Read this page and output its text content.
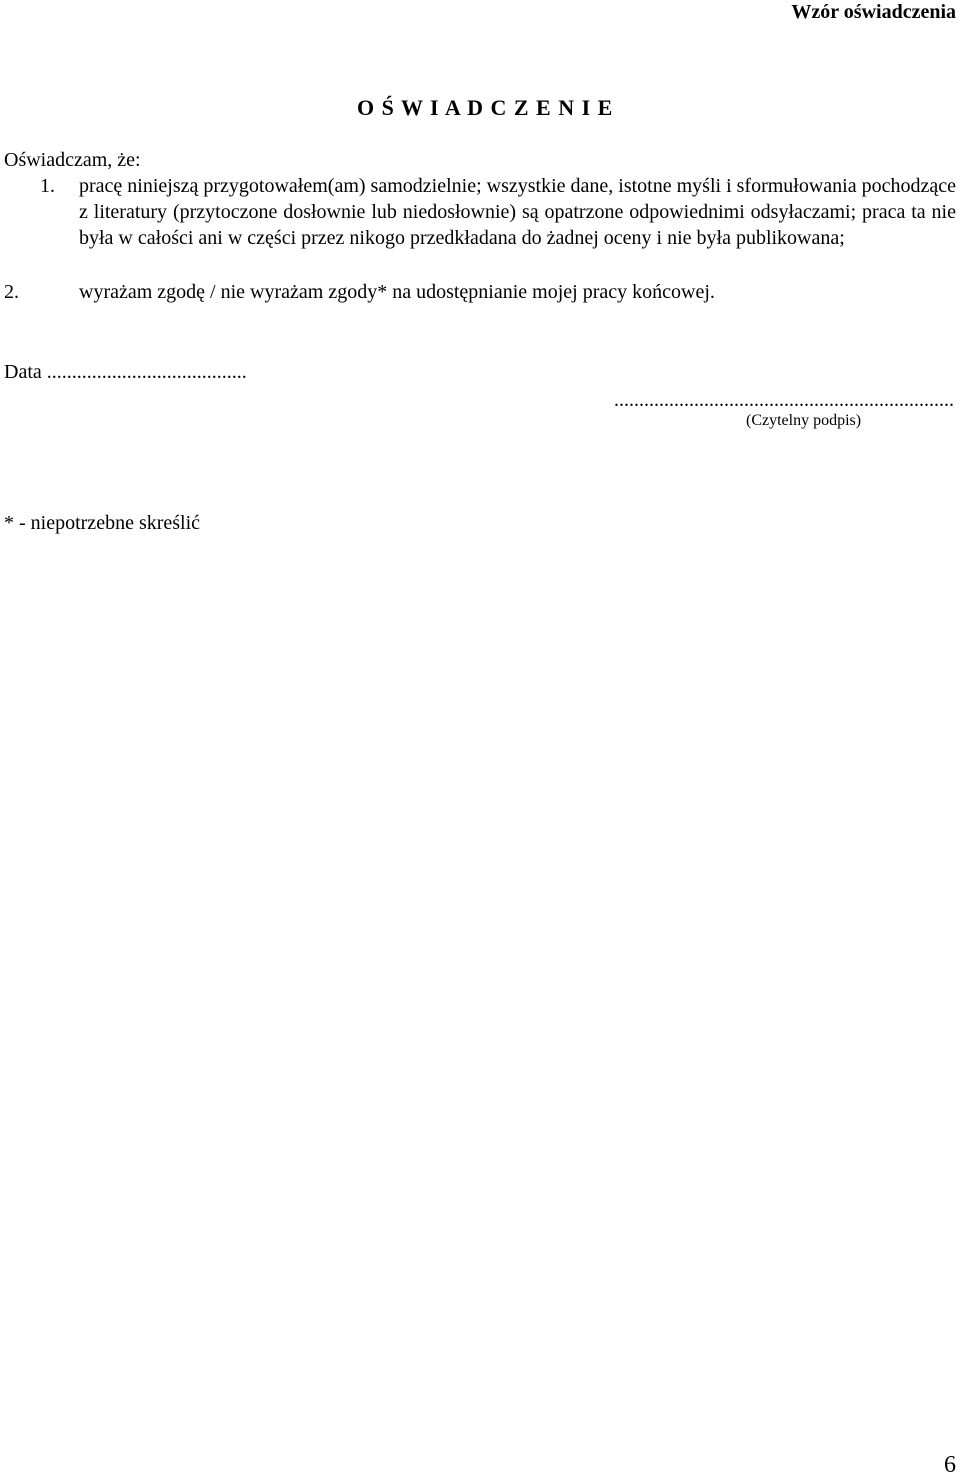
Wzór oświadczenia
O Ś W I A D C Z E N I E
Oświadczam, że:
1. pracę niniejszą przygotowałem(am) samodzielnie; wszystkie dane, istotne myśli i sformułowania pochodzące z literatury (przytoczone dosłownie lub niedosłownie) są opatrzone odpowiednimi odsyłaczami; praca ta nie była w całości ani w części przez nikogo przedkładana do żadnej oceny i nie była publikowana;
2.	wyrażam zgodę / nie wyrażam zgody* na udostępnianie mojej pracy końcowej.
Data ........................................
....................................................................
(Czytelny podpis)
* - niepotrzebne skreślić
6
